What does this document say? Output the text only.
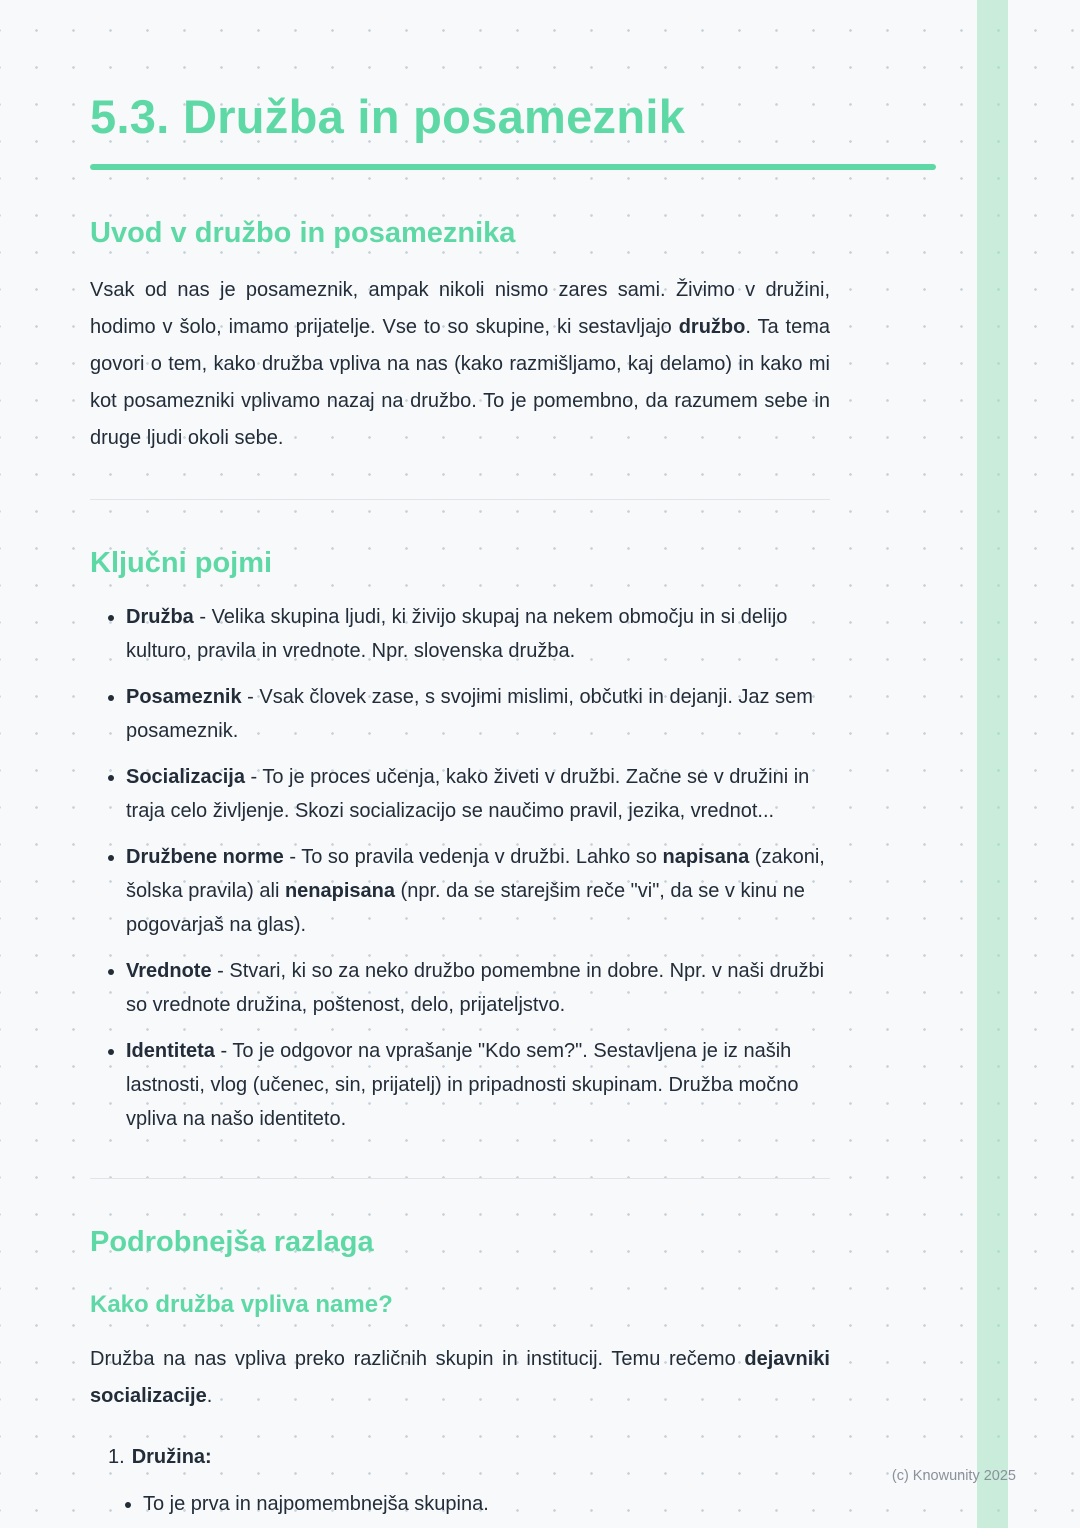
5.3. Družba in posameznik
Uvod v družbo in posameznika

Vsak od nas je posameznik, ampak nikoli nismo zares sami. Živimo v družini, hodimo v šolo, imamo prijatelje. Vse to so skupine, ki sestavljajo družbo. Ta tema govori o tem, kako družba vpliva na nas (kako razmišljamo, kaj delamo) in kako mi kot posamezniki vplivamo nazaj na družbo. To je pomembno, da razumem sebe in druge ljudi okoli sebe.

Ključni pojmi
• Družba - Velika skupina ljudi, ki živijo skupaj na nekem območju in si delijo kulturo, pravila in vrednote. Npr. slovenska družba.
• Posameznik - Vsak človek zase, s svojimi mislimi, občutki in dejanji. Jaz sem posameznik.
• Socializacija - To je proces učenja, kako živeti v družbi. Začne se v družini in traja celo življenje. Skozi socializacijo se naučimo pravil, jezika, vrednot...
• Družbene norme - To so pravila vedenja v družbi. Lahko so napisana (zakoni, šolska pravila) ali nenapisana (npr. da se starejšim reče "vi", da se v kinu ne pogovarjaš na glas).
• Vrednote - Stvari, ki so za neko družbo pomembne in dobre. Npr. v naši družbi so vrednote družina, poštenost, delo, prijateljstvo.
• Identiteta - To je odgovor na vprašanje "Kdo sem?". Sestavljena je iz naših lastnosti, vlog (učenec, sin, prijatelj) in pripadnosti skupinam. Družba močno vpliva na našo identiteto.
Podrobnejša razlaga
Kako družba vpliva name?

Družba na nas vpliva preko različnih skupin in institucij. Temu rečemo dejavniki socializacije.

1. Družina:
• To je prva in najpomembnejša skupina.
(c) Knowunity 2025
